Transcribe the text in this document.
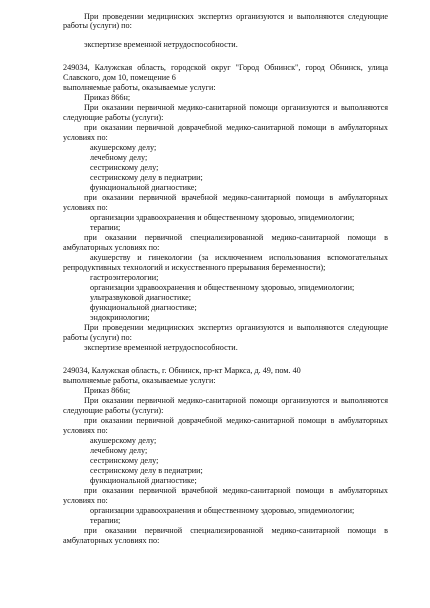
При проведении медицинских экспертиз организуются и выполняются следующие
работы (услуги) по:
экспертизе временной нетрудоспособности.
249034, Калужская область, городской округ "Город Обнинск", город Обнинск, улица
Славского, дом 10, помещение 6
выполняемые работы, оказываемые услуги:
Приказ 866н;
При оказании первичной медико-санитарной помощи организуются и выполняются
следующие работы (услуги):
при оказании первичной доврачебной медико-санитарной помощи в амбулаторных
условиях по:
акушерскому делу;
лечебному делу;
сестринскому делу;
сестринскому делу в педиатрии;
функциональной диагностике;
при оказании первичной врачебной медико-санитарной помощи в амбулаторных
условиях по:
организации здравоохранения и общественному здоровью, эпидемиологии;
терапии;
при оказании первичной специализированной медико-санитарной помощи в
амбулаторных условиях по:
акушерству и гинекологии (за исключением использования вспомогательных
репродуктивных технологий и искусственного прерывания беременности);
гастроэнтерологии;
организации здравоохранения и общественному здоровью, эпидемиологии;
ультразвуковой диагностике;
функциональной диагностике;
эндокринологии;
При проведении медицинских экспертиз организуются и выполняются следующие
работы (услуги) по:
экспертизе временной нетрудоспособности.
249034, Калужская область, г. Обнинск, пр-кт Маркса, д. 49, пом. 40
выполняемые работы, оказываемые услуги:
Приказ 866н;
При оказании первичной медико-санитарной помощи организуются и выполняются
следующие работы (услуги):
при оказании первичной доврачебной медико-санитарной помощи в амбулаторных
условиях по:
акушерскому делу;
лечебному делу;
сестринскому делу;
сестринскому делу в педиатрии;
функциональной диагностике;
при оказании первичной врачебной медико-санитарной помощи в амбулаторных
условиях по:
организации здравоохранения и общественному здоровью, эпидемиологии;
терапии;
при оказании первичной специализированной медико-санитарной помощи в
амбулаторных условиях по:
